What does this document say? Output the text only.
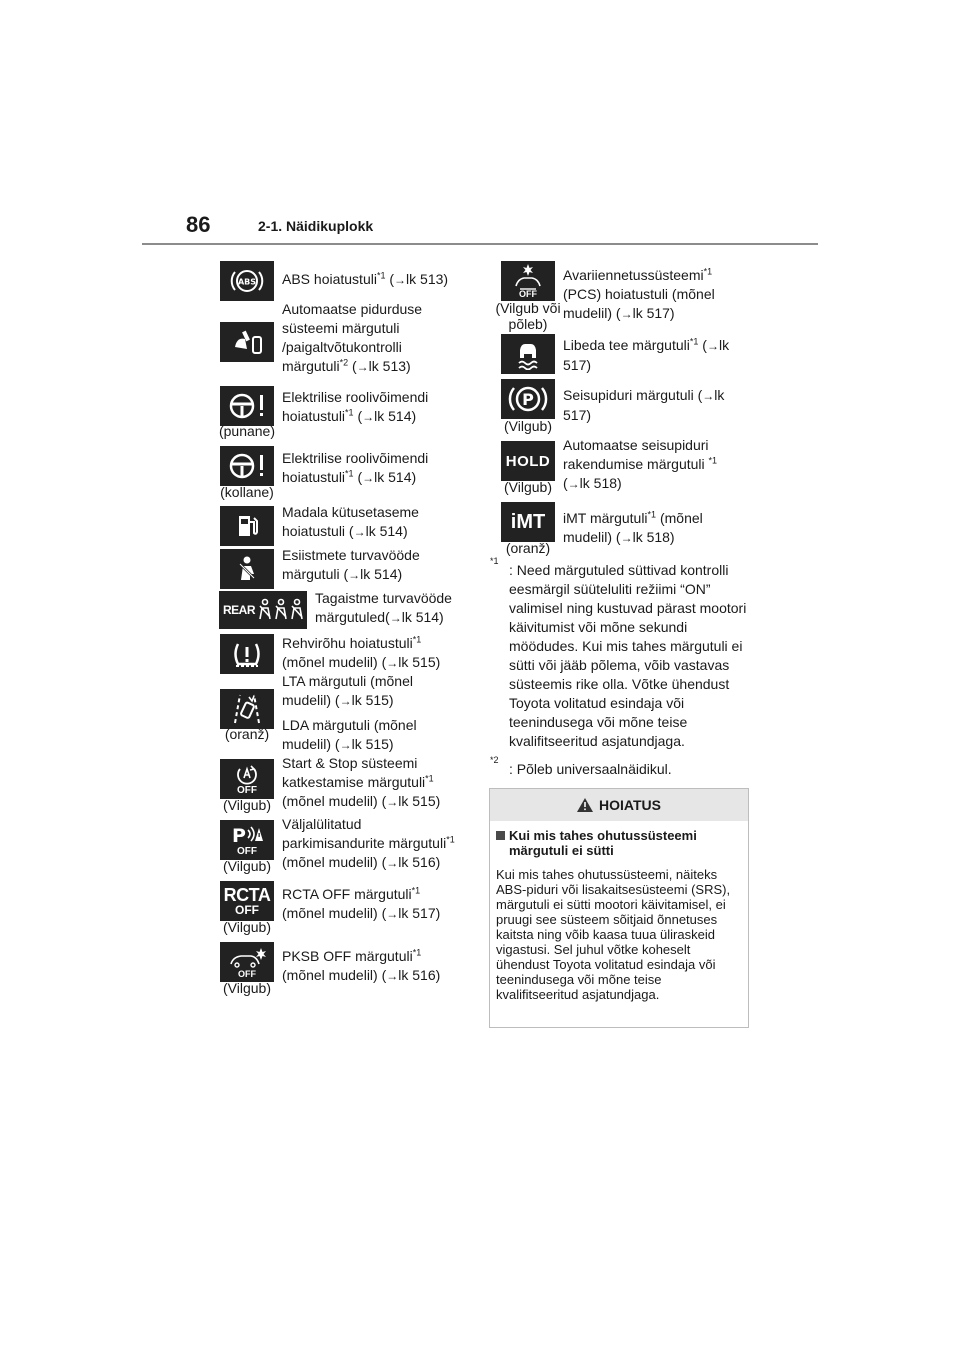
86	2-1. Näidikuplokk
ABS ABS hoiatustuli$^{*1}$ (→lk 513)
Automaatse pidurduse
süsteemi märgutuli
/paigaltvõtukontrolli
märgutuli$^{*2}$ (→lk 513)
(punane)
Elektrilise roolivõimendi
hoiatustuli$^{*1}$ (→lk 514)
(kollane)
Elektrilise roolivõimendi
hoiatustuli$^{*1}$ (→lk 514)
Madala kütusetaseme
hoiatustuli (→lk 514)
Esiistmete turvavööde
märgutuli (→lk 514)
REAR
Tagaistme turvavööde
märgutuled(→lk 514)
Rehvirõhu hoiatustuli$^{*1}$
(mõnel mudelil) (→lk 515)
(oranž)
LTA märgutuli (mõnel
mudelil) (→lk 515)
LDA märgutuli (mõnel
mudelil) (→lk 515)
OFF
(Vilgub)
Start & Stop süsteemi
katkestamise märgutuli$^{*1}$
(mõnel mudelil) (→lk 515)
P
OFF
(Vilgub)
Väljalülitatud
parkimisandurite märgutuli$^{*1}$
(mõnel mudelil) (→lk 516)
RCTA
OFF
(Vilgub)
RCTA OFF märgutuli$^{*1}$
(mõnel mudelil) (→lk 517)
OFF
(Vilgub)
PKSB OFF märgutuli$^{*1}$
(mõnel mudelil) (→lk 516)
OFF
(Vilgub või põleb)
Avariiennetussüsteemi$^{*1}$
(PCS) hoiatustuli (mõnel
mudelil) (→lk 517)
Libeda tee märgutuli$^{*1}$ (→lk
517)
P
(Vilgub)
Seisupiduri märgutuli (→lk
517)
HOLD
(Vilgub)
Automaatse seisupiduri
rakendumise märgutuli $^{*1}$
(→lk 518)
iMT
(oranž)
iMT märgutuli$^{*1}$ (mõnel
mudelil) (→lk 518)
*1
: Need märgutuled süttivad kontrolli eesmärgil süüteluliti režiimi “ON” valimisel ning kustuvad pärast mootori käivitumist või mõne sekundi möödudes. Kui mis tahes märgutuli ei sütti või jääb põlema, võib vastavas süsteemis rike olla. Võtke ühendust Toyota volitatud esindaja või teenindusega või mõne teise kvalifitseeritud asjatundjaga.
*2
: Põleb universaalnäidikul.
HOIATUS
Kui mis tahes ohutussüsteemi märgutuli ei sütti
Kui mis tahes ohutussüsteemi, näiteks ABS-piduri või lisakaitsesüsteemi (SRS), märgutuli ei sütti mootori käivitamisel, ei pruugi see süsteem sõitjaid õnnetuses kaitsta ning võib kaasa tuua üliraskeid vigastusi. Sel juhul võtke koheselt ühendust Toyota volitatud esindaja või teenindusega või mõne teise kvalifitseeritud asjatundjaga.
